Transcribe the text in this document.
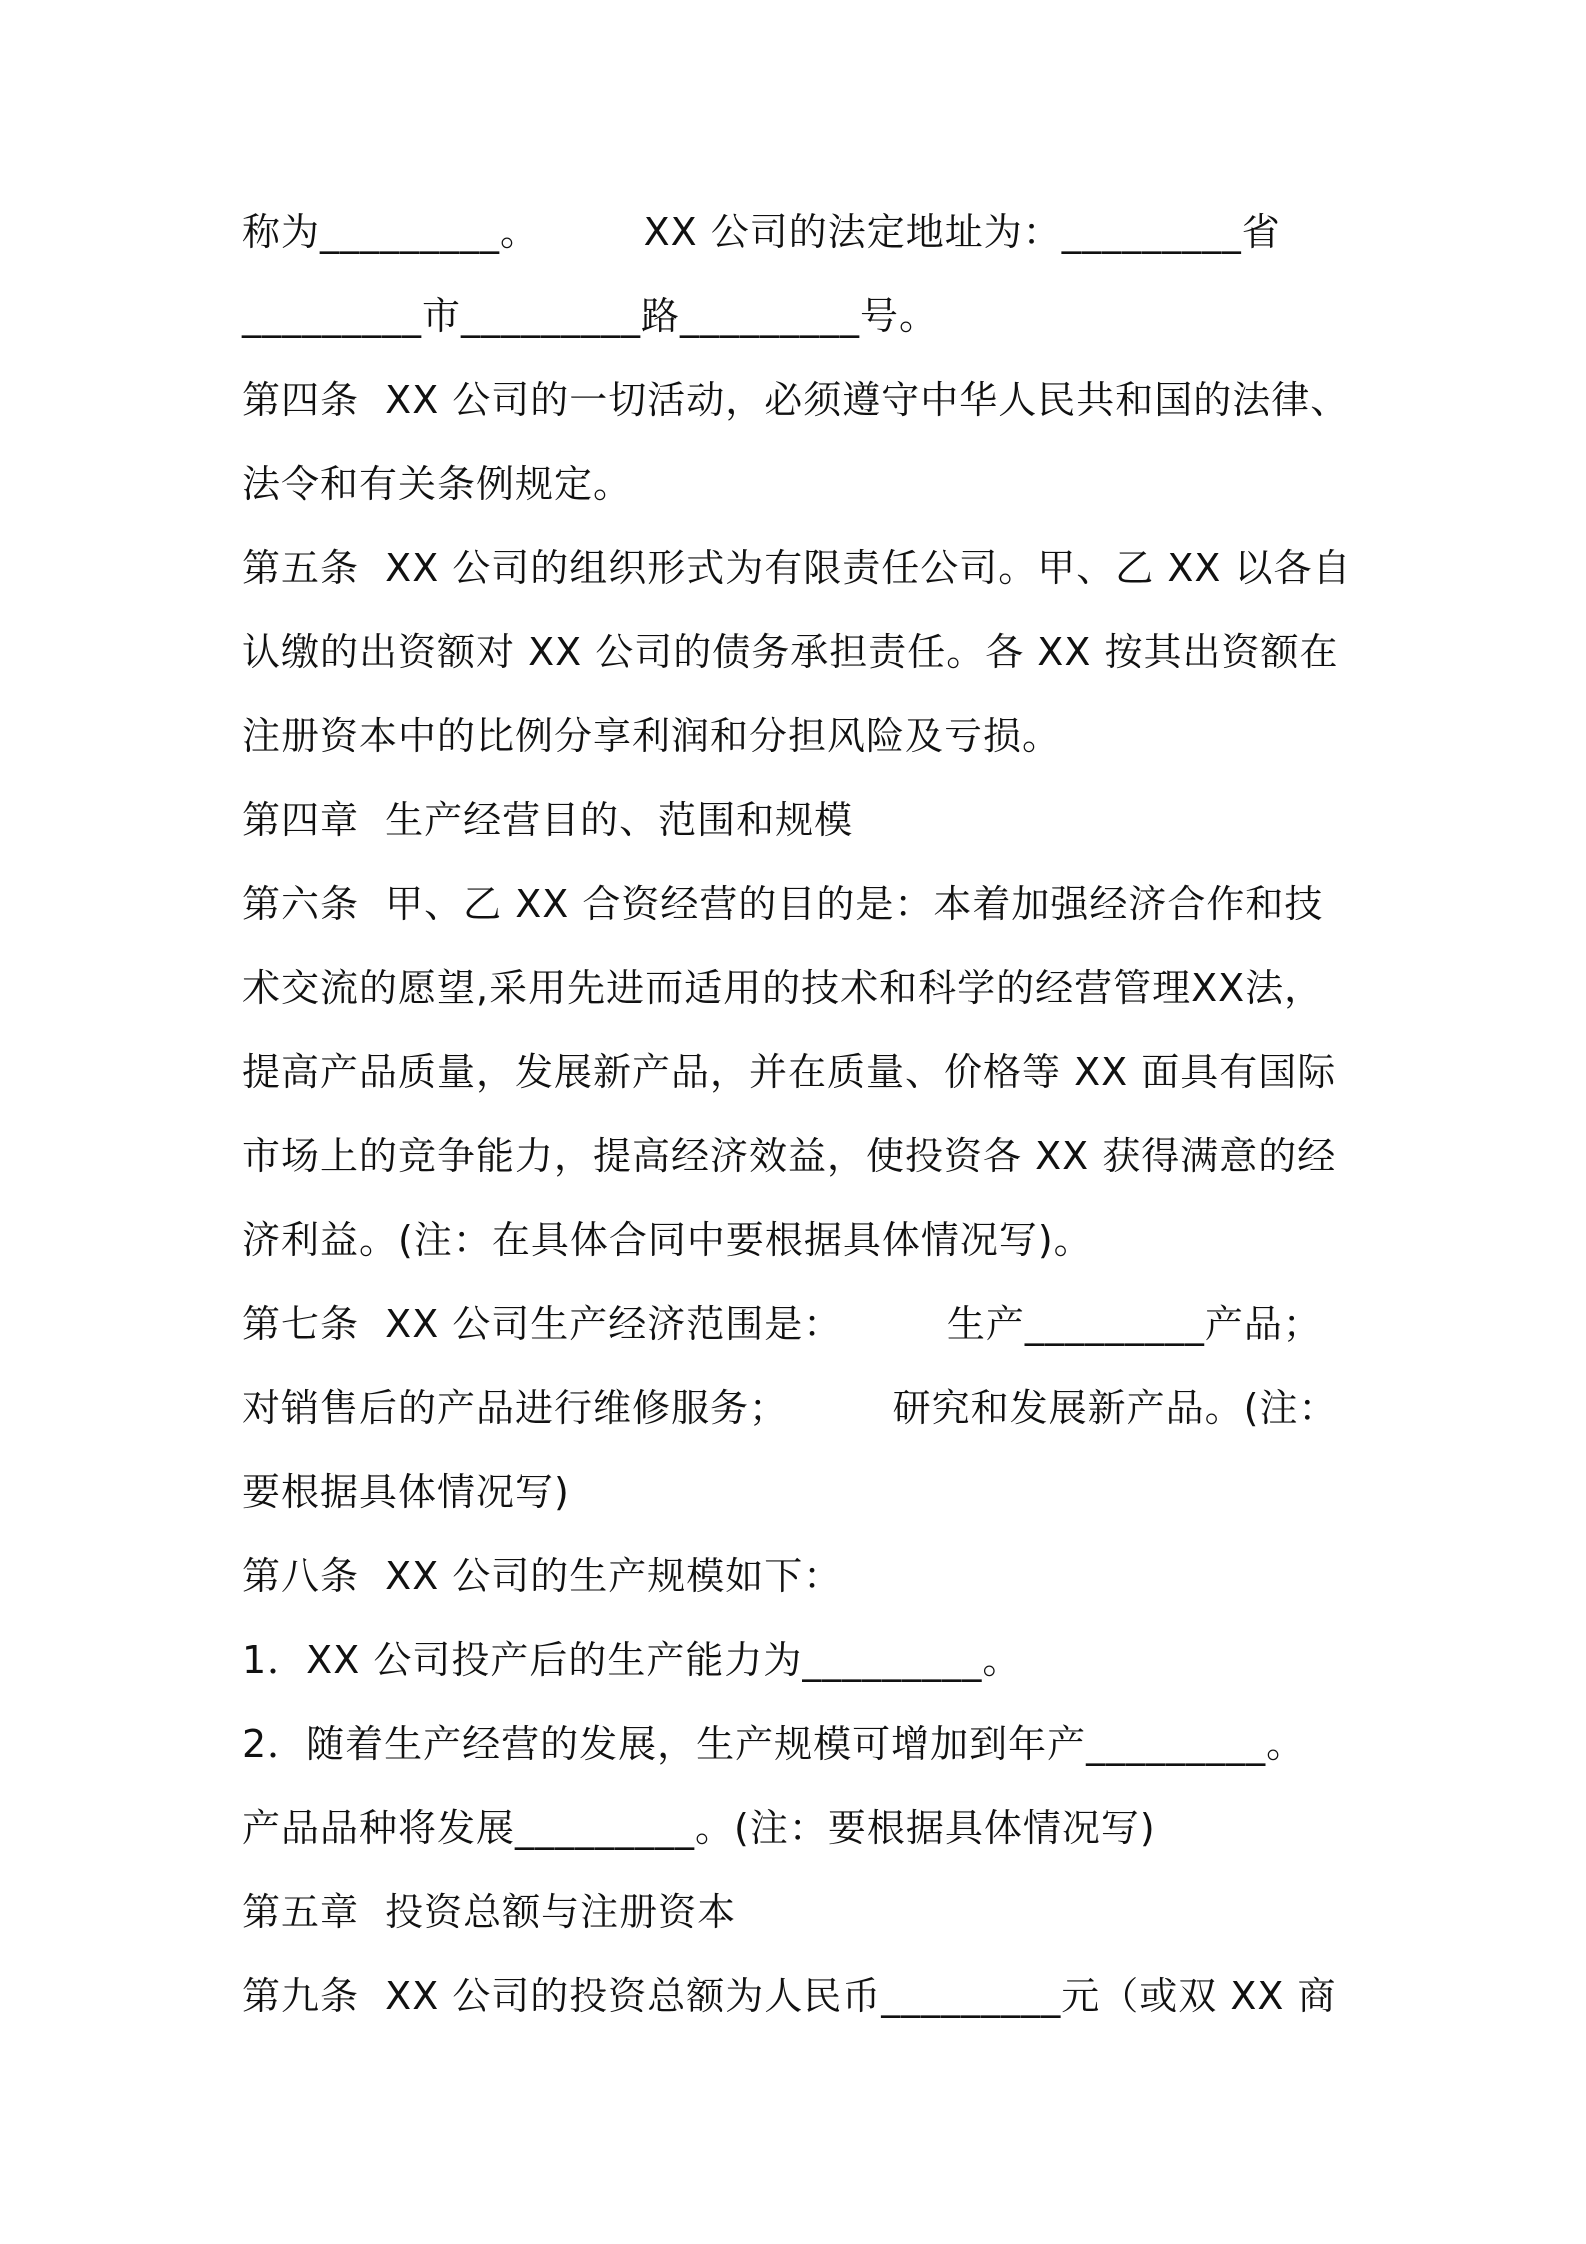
称为_________。        XX 公司的法定地址为：_________省
_________市_________路_________号。
第四条  XX 公司的一切活动，必须遵守中华人民共和国的法律、
法令和有关条例规定。
第五条  XX 公司的组织形式为有限责任公司。甲、乙 XX 以各自
认缴的出资额对 XX 公司的债务承担责任。各 XX 按其出资额在
注册资本中的比例分享利润和分担风险及亏损。
第四章  生产经营目的、范围和规模
第六条  甲、乙 XX 合资经营的目的是：本着加强经济合作和技
术交流的愿望,采用先进而适用的技术和科学的经营管理XX法，
提高产品质量，发展新产品，并在质量、价格等 XX 面具有国际
市场上的竞争能力，提高经济效益，使投资各 XX 获得满意的经
济利益。(注：在具体合同中要根据具体情况写)。
第七条  XX 公司生产经济范围是：        生产_________产品；
对销售后的产品进行维修服务；        研究和发展新产品。(注：
要根据具体情况写)
第八条  XX 公司的生产规模如下：
1．XX 公司投产后的生产能力为_________。
2．随着生产经营的发展，生产规模可增加到年产_________。
产品品种将发展_________。(注：要根据具体情况写)
第五章  投资总额与注册资本
第九条  XX 公司的投资总额为人民币_________元（或双 XX 商
